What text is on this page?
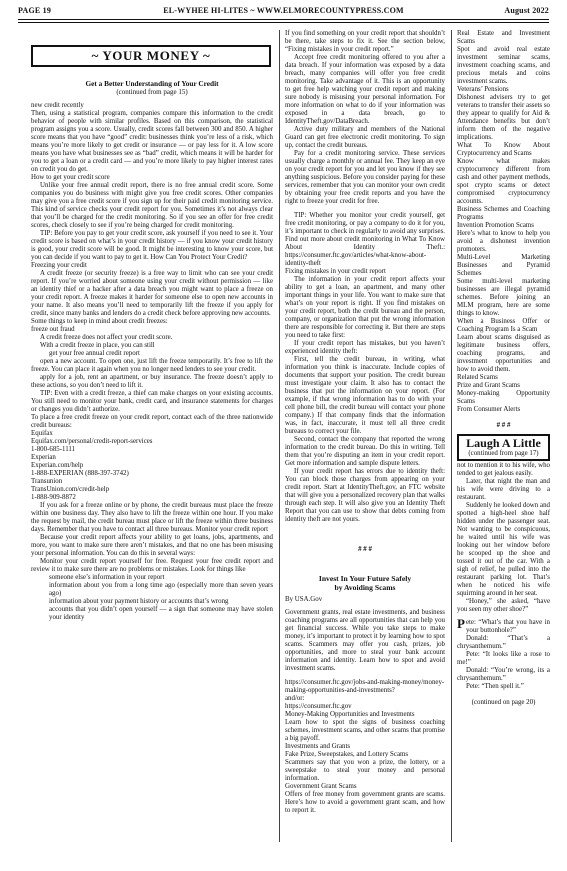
PAGE 19	EL-WYHEE HI-LITES ~ WWW.ELMORECOUNTYPRESS.COM	August 2022
~ YOUR MONEY ~

Get a Better Understanding of Your Credit

(continued from page 15)

new credit recently

Then, using a statistical program, companies compare this information to the credit behavior of people with similar profiles. Based on this comparison, the statistical program assigns you a score. Usually, credit scores fall between 300 and 850. A higher score means that you have “good” credit: businesses think you’re less of a risk, which means you’re more likely to get credit or insurance — or pay less for it. A low score means you have what businesses see as “bad” credit, which means it will be harder for you to get a loan or a credit card — and you’re more likely to pay higher interest rates on credit you do get.

How to get your credit score

Unlike your free annual credit report, there is no free annual credit score. Some companies you do business with might give you free credit scores. Other companies may give you a free credit score if you sign up for their paid credit monitoring service. This kind of service checks your credit report for you. Sometimes it’s not always clear that you’ll be charged for the credit monitoring. So if you see an offer for free credit scores, check closely to see if you’re being charged for credit monitoring.

TIP: Before you pay to get your credit score, ask yourself if you need to see it. Your credit score is based on what’s in your credit history — if you know your credit history is good, your credit score will be good. It might be interesting to know your score, but you can decide if you want to pay to get it. How Can You Protect Your Credit?

Freezing your credit

A credit freeze (or security freeze) is a free way to limit who can see your credit report. If you’re worried about someone using your credit without permission — like an identity thief or a hacker after a data breach you might want to place a freeze on your credit report. A freeze makes it harder for someone else to open new accounts in your name. It also means you’ll need to temporarily lift the freeze if you apply for credit, since many banks and lenders do a credit check before approving new accounts.

Some things to keep in mind about credit freezes:

freeze out fraud

A credit freeze does not affect your credit score.

With a credit freeze in place, you can still

get your free annual credit report

open a new account. To open one, just lift the freeze temporarily. It’s free to lift the freeze. You can place it again when you no longer need lenders to see your credit.

apply for a job, rent an apartment, or buy insurance. The freeze doesn’t apply to these actions, so you don’t need to lift it.

TIP: Even with a credit freeze, a thief can make charges on your existing accounts. You still need to monitor your bank, credit card, and insurance statements for charges or changes you didn’t authorize.

To place a free credit freeze on your credit report, contact each of the three nationwide credit bureaus:

Equifax

Equifax.com/personal/credit-report-services

1-800-685-1111

Experian

Experian.com/help

1-888-EXPERIAN (888-397-3742)

Transunion

TransUnion.com/credit-help

1-888-909-8872

If you ask for a freeze online or by phone, the credit bureaus must place the freeze within one business day. They also have to lift the freeze within one hour. If you make the request by mail, the credit bureau must place or lift the freeze within three business days. Remember that you have to contact all three bureaus. Monitor your credit report

Because your credit report affects your ability to get loans, jobs, apartments, and more, you want to make sure there aren’t mistakes, and that no one has been misusing your personal information. You can do this in several ways:

Monitor your credit report yourself for free. Request your free credit report and review it to make sure there are no problems or mistakes. Look for things like

someone else’s information in your report

information about you from a long time ago (especially more than seven years ago)

information about your payment history or accounts that’s wrong

accounts that you didn’t open yourself — a sign that someone may have stolen your identity

If you find something on your credit report that shouldn’t be there, take steps to fix it. See the section below, “Fixing mistakes in your credit report.”

Accept free credit monitoring offered to you after a data breach. If your information was exposed by a data breach, many companies will offer you free credit monitoring. Take advantage of it. This is an opportunity to get free help watching your credit report and making sure nobody is misusing your personal information. For more information on what to do if your information was exposed in a data breach, go to IdentityTheft.gov/DataBreach.

Active duty military and members of the National Guard can get free electronic credit monitoring. To sign up, contact the credit bureaus.

Pay for a credit monitoring service. These services usually charge a monthly or annual fee. They keep an eye on your credit report for you and let you know if they see anything suspicious. Before you consider paying for these services, remember that you can monitor your own credit by obtaining your free credit reports and you have the right to freeze your credit for free.

TIP: Whether you monitor your credit yourself, get free credit monitoring, or pay a company to do it for you, it’s important to check in regularly to avoid any surprises. Find out more about credit monitoring in What To Know About Identity Theft.: https://consumer.ftc.gov/articles/what-know-about-identity-theft

Fixing mistakes in your credit report

The information in your credit report affects your ability to get a loan, an apartment, and many other important things in your life. You want to make sure that what’s on your report is right. If you find mistakes on your credit report, both the credit bureau and the person, company, or organization that put the wrong information there are responsible for correcting it. But there are steps you need to take first:

If your credit report has mistakes, but you haven’t experienced identity theft:

First, tell the credit bureau, in writing, what information you think is inaccurate. Include copies of documents that support your position. The credit bureau must investigate your claim. It also has to contact the business that put the information on your report. (For example, if that wrong information has to do with your cell phone bill, the credit bureau will contact your phone company.) If that company finds that the information was, in fact, inaccurate, it must tell all three credit bureaus to correct your file.

Second, contact the company that reported the wrong information to the credit bureau. Do this in writing. Tell them that you’re disputing an item in your credit report. Get more information and sample dispute letters.

If your credit report has errors due to identity theft: You can block those charges from appearing on your credit report. Start at IdentityTheft.gov, an FTC website that will give you a personalized recovery plan that walks through each step. It will also give you an Identity Theft Report that you can use to show that debts coming from identity theft are not yours.

# # #

Invest In Your Future Safely

by Avoiding Scams

By USA.Gov

Government grants, real estate investments, and business coaching programs are all opportunities that can help you get financial success. While you take steps to make money, it’s important to protect it by learning how to spot scams. Scammers may offer you cash, prizes, job opportunities, and more to steal your bank account information and identity. Learn how to spot and avoid investment scams.

https://consumer.ftc.gov/jobs-and-making-money/money-making-opportunities-and-investments?

and/or:

https://consumer.ftc.gov

Money-Making Opportunities and Investments

Learn how to spot the signs of business coaching schemes, investment scams, and other scams that promise a big payoff.

Investments and Grants

Fake Prize, Sweepstakes, and Lottery Scams

Scammers say that you won a prize, the lottery, or a sweepstake to steal your money and personal information.

Government Grant Scams

Offers of free money from government grants are scams. Here’s how to avoid a government grant scam, and how to report it.

Real Estate and Investment Scams

Spot and avoid real estate investment seminar scams, investment coaching scams, and precious metals and coins investment scams.

Veterans’ Pensions

Dishonest advisers try to get veterans to transfer their assets so they appear to qualify for Aid & Attendance benefits but don’t inform them of the negative implications.

What To Know About Cryptocurrency and Scams

Know what makes cryptocurrency different from cash and other payment methods, spot crypto scams or detect compromised cryptocurrency accounts.

Business Schemes and Coaching Programs

Invention Promotion Scams

Here’s what to know to help you avoid a dishonest invention promoters.

Multi-Level Marketing Businesses and Pyramid Schemes

Some multi-level marketing businesses are illegal pyramid schemes. Before joining an MLM program, here are some things to know.

When a Business Offer or Coaching Program Is a Scam

Learn about scams disguised as legitimate business offers, coaching programs, and investment opportunities and how to avoid them.

Related Scams

Prize and Grant Scams

Money-making Opportunity Scams

From Consumer Alerts

# # #

Laugh A Little
(continued from page 17)

not to mention it to his wife, who tended to get jealous easily.

Later, that night the man and his wife were driving to a restaurant.

Suddenly he looked down and spotted a high-heel shoe half hidden under the passenger seat. Not wanting to be conspicuous, he waited until his wife was looking out her window before he scooped up the shoe and tossed it out of the car. With a sigh of relief, he pulled into the restaurant parking lot. That’s when he noticed his wife squirming around in her seat.

“Honey,” she asked, “have you seen my other shoe?”

Pete: “What’s that you have in your buttonhole?”

Donald: “That’s a chrysanthemum.”

Pete: “It looks like a rose to me!”

Donald: “You’re wrong, its a chrysanthemum.”

Pete: “Then spell it.”

(continued on page 20)
